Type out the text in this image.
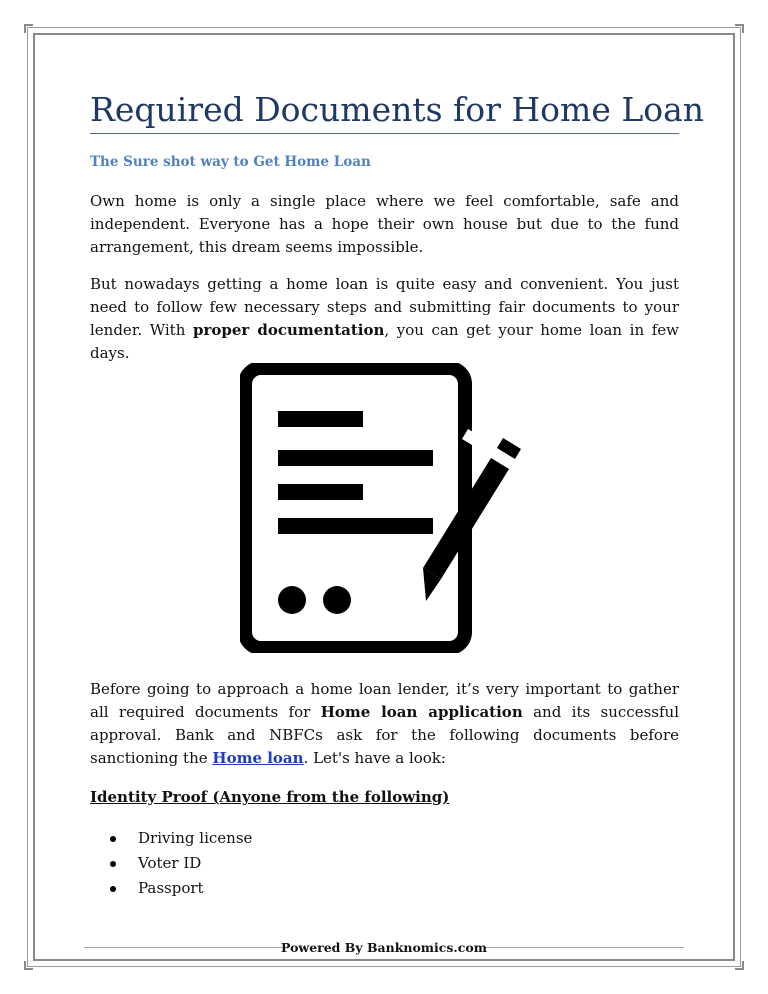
Required Documents for Home Loan
The Sure shot way to Get Home Loan

Own home is only a single place where we feel comfortable, safe and independent. Everyone has a hope their own house but due to the fund arrangement, this dream seems impossible.

But nowadays getting a home loan is quite easy and convenient. You just need to follow few necessary steps and submitting fair documents to your lender. With proper documentation, you can get your home loan in few days.

Before going to approach a home loan lender, it’s very important to gather all required documents for Home loan application and its successful approval. Bank and NBFCs ask for the following documents before sanctioning the Home loan. Let's have a look:

Identity Proof (Anyone from the following)
Driving license
Voter ID
Passport
Powered By Banknomics.com
